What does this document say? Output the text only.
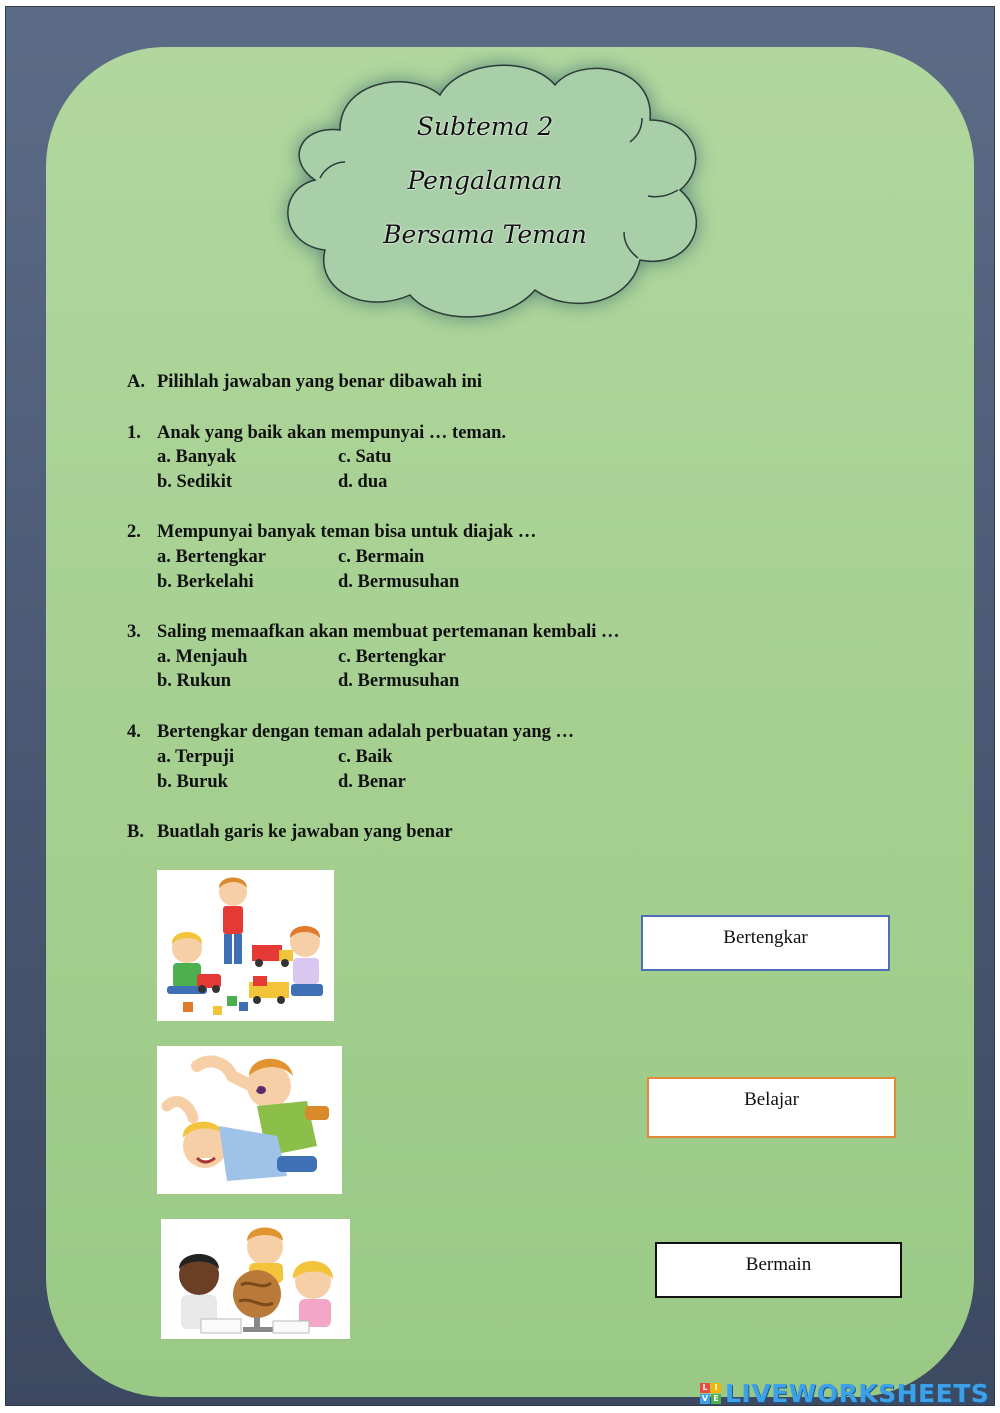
Subtema 2
Pengalaman
Bersama Teman
A. Pilihlah jawaban yang benar dibawah ini
1. Anak yang baik akan mempunyai … teman.
a. Banyak	c. Satu
b. Sedikit	d. dua
2. Mempunyai banyak teman bisa untuk diajak …
a. Bertengkar	c. Bermain
b. Berkelahi	d. Bermusuhan
3. Saling memaafkan akan membuat pertemanan kembali …
a. Menjauh	c. Bertengkar
b. Rukun	d. Bermusuhan
4. Bertengkar dengan teman adalah perbuatan yang …
a. Terpuji	c. Baik
b. Buruk	d. Benar
B. Buatlah garis ke jawaban yang benar
Bertengkar
Belajar
Bermain
L I
V E LIVEWORKSHEETS
